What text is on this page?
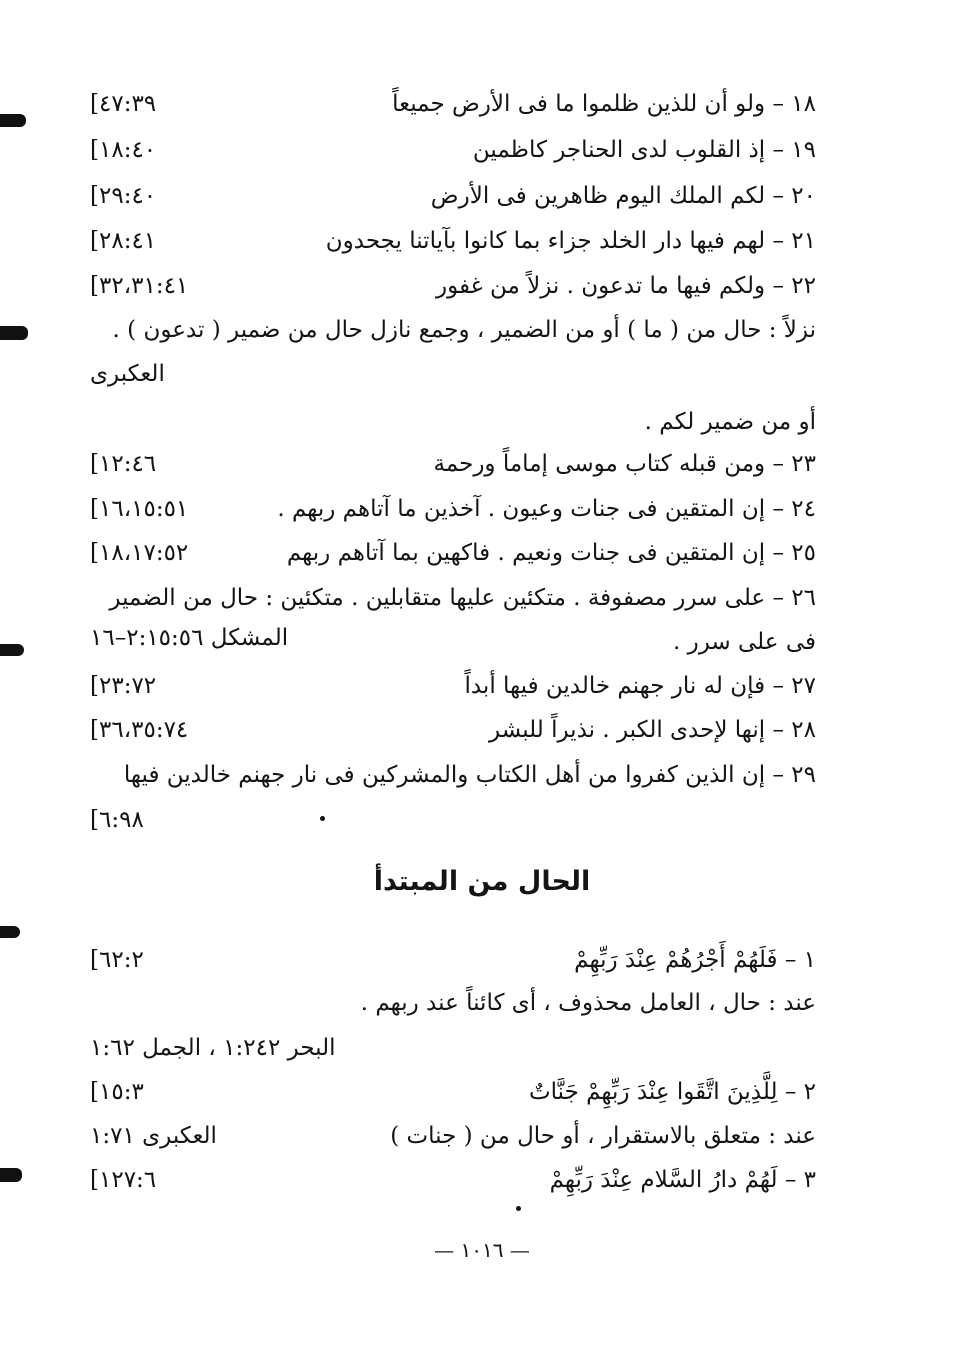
١٨ – ولو أن للذين ظلموا ما فى الأرض جميعاً
[٤٧:٣٩
١٩ – إذ القلوب لدى الحناجر كاظمين
[١٨:٤٠
٢٠ – لكم الملك اليوم ظاهرين فى الأرض
[٢٩:٤٠
٢١ – لهم فيها دار الخلد جزاء بما كانوا بآياتنا يجحدون
[٢٨:٤١
٢٢ – ولكم فيها ما تدعون . نزلاً من غفور
[٣٢،٣١:٤١
نزلاً : حال من ( ما ) أو من الضمير ، وجمع نازل حال من ضمير ( تدعون ) .
العكبرى
أو من ضمير لكم .
٢٣ – ومن قبله كتاب موسى إماماً ورحمة
[١٢:٤٦
٢٤ – إن المتقين فى جنات وعيون . آخذين ما آتاهم ربهم .
[١٦،١٥:٥١
٢٥ – إن المتقين فى جنات ونعيم . فاكهين بما آتاهم ربهم
[١٨،١٧:٥٢
٢٦ – على سرر مصفوفة . متكئين عليها متقابلين . متكئين : حال من الضمير
فى على سرر .
المشكل ٢:١٥:٥٦–١٦
٢٧ – فإن له نار جهنم خالدين فيها أبداً
[٢٣:٧٢
٢٨ – إنها لإحدى الكبر . نذيراً للبشر
[٣٦،٣٥:٧٤
٢٩ – إن الذين كفروا من أهل الكتاب والمشركين فى نار جهنم خالدين فيها
[٦:٩٨
الحال من المبتدأ
١ – فَلَهُمْ أَجْرُهُمْ عِنْدَ رَبِّهِمْ
[٦٢:٢
عند : حال ، العامل محذوف ، أى كائناً عند ربهم .
البحر ١:٢٤٢ ، الجمل ١:٦٢
٢ – لِلَّذِينَ اتَّقَوا عِنْدَ رَبِّهِمْ جَنَّاتٌ
[١٥:٣
عند : متعلق بالاستقرار ، أو حال من ( جنات )
العكبرى ١:٧١
٣ – لَهُمْ دارُ السَّلام عِنْدَ رَبِّهِمْ
[١٢٧:٦
— ١٠١٦ —
